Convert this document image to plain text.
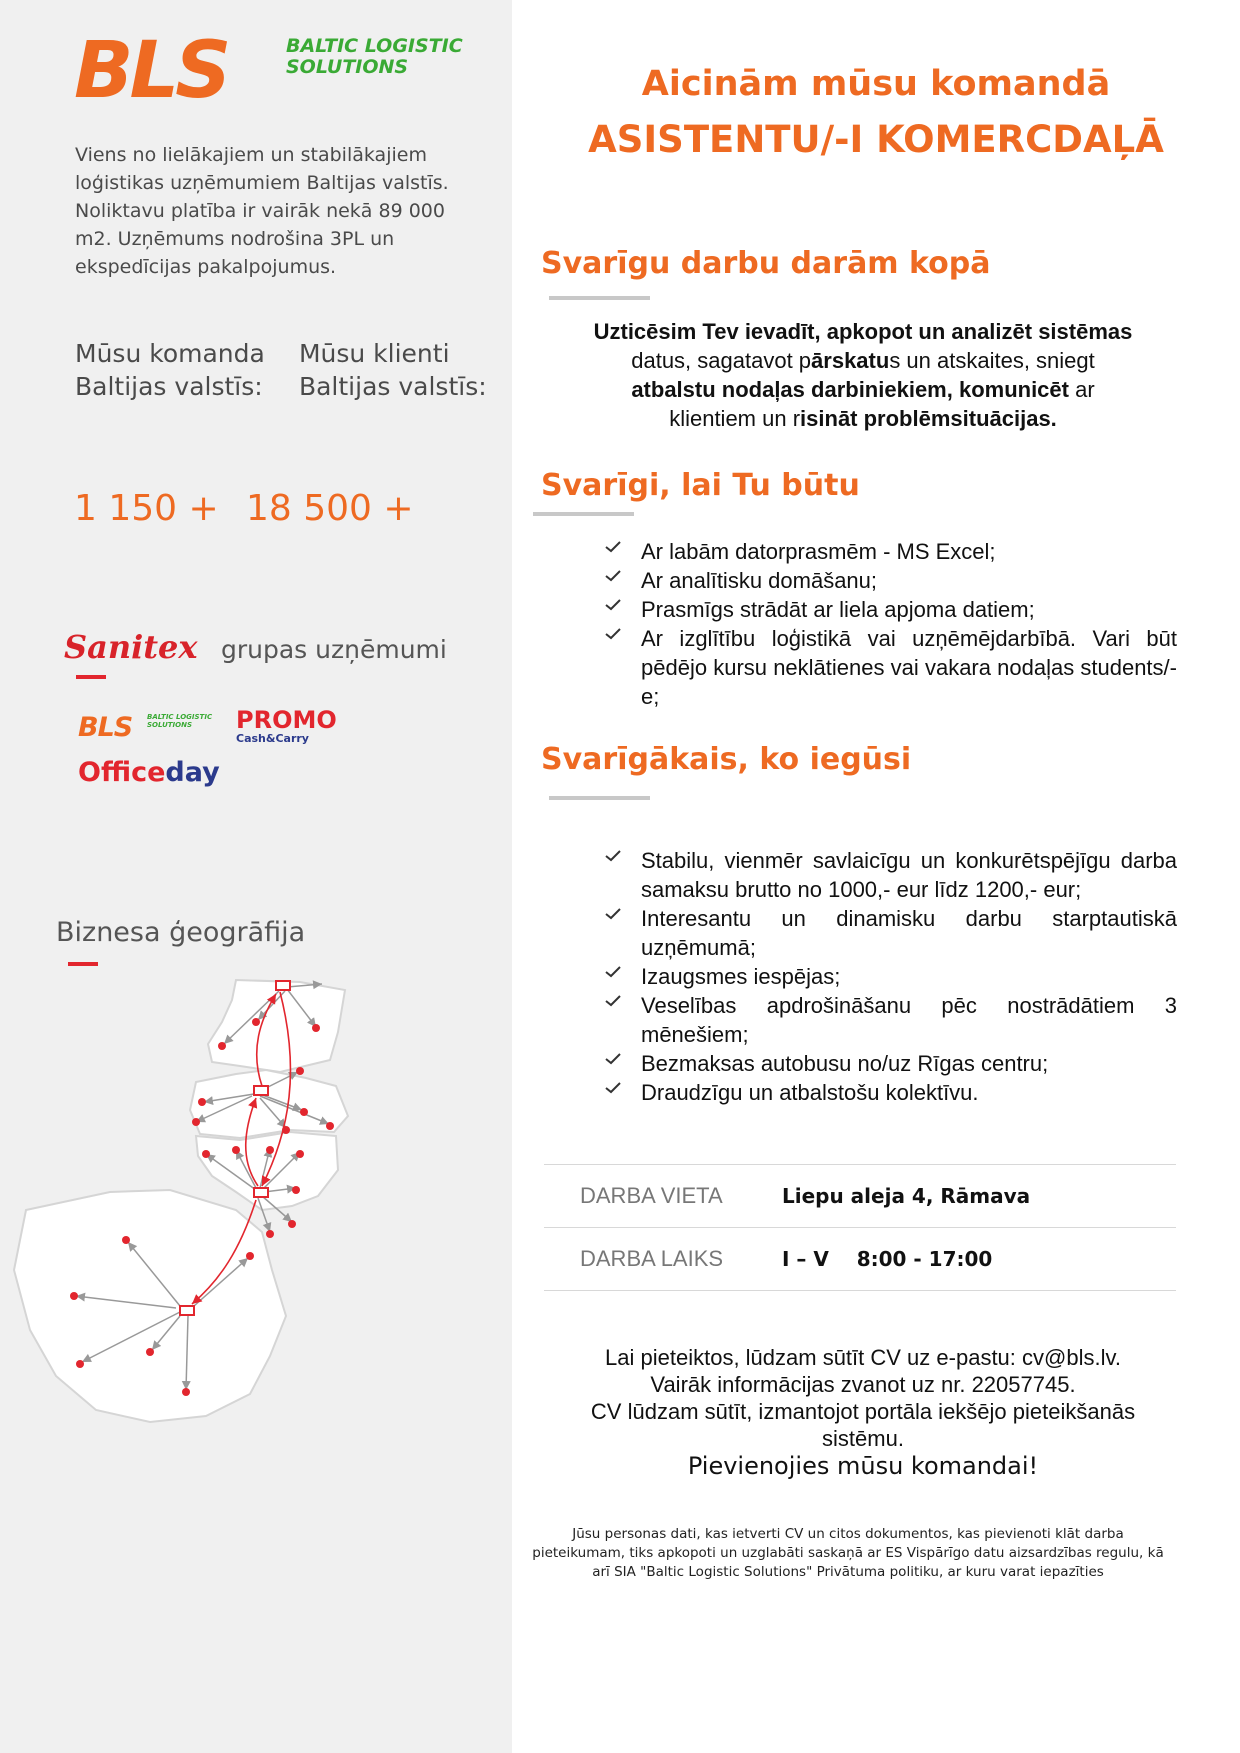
BLS	BALTIC LOGISTIC
SOLUTIONS
Viens no lielākajiem un stabilākajiem loģistikas uzņēmumiem Baltijas valstīs. Noliktavu platība ir vairāk nekā 89 000 m2. Uzņēmums nodrošina 3PL un ekspedīcijas pakalpojumus.
Mūsu komanda Mūsu klienti
Baltijas valstīs: Baltijas valstīs:
1 150 + 18 500 +
Sanitex grupas uzņēmumi
BLS BALTIC LOGISTIC
SOLUTIONS	PROMO
Cash&Carry
Officeday
Biznesa ģeogrāfija
Aicinām mūsu komandā
ASISTENTU/-I KOMERCDAĻĀ
Svarīgu darbu darām kopā
Uzticēsim Tev ievadīt, apkopot un analizēt sistēmas
datus, sagatavot pārskatus un atskaites, sniegt
atbalstu nodaļas darbiniekiem, komunicēt ar
klientiem un risināt problēmsituācijas.
Svarīgi, lai Tu būtu
Ar labām datorprasmēm - MS Excel;
Ar analītisku domāšanu;
Prasmīgs strādāt ar liela apjoma datiem;
Ar izglītību loģistikā vai uzņēmējdarbībā. Vari būt pēdējo kursu neklātienes vai vakara nodaļas students/-e;
Svarīgākais, ko iegūsi
Stabilu, vienmēr savlaicīgu un konkurētspējīgu darba samaksu brutto no 1000,- eur līdz 1200,- eur;
Interesantu un dinamisku darbu starptautiskā uzņēmumā;
Izaugsmes iespējas;
Veselības apdrošināšanu pēc nostrādātiem 3 mēnešiem;
Bezmaksas autobusu no/uz Rīgas centru;
Draudzīgu un atbalstošu kolektīvu.
DARBA VIETA	Liepu aleja 4, Rāmava
DARBA LAIKS	I – V    8:00 - 17:00
Lai pieteiktos, lūdzam sūtīt CV uz e-pastu: cv@bls.lv.
Vairāk informācijas zvanot uz nr. 22057745.
CV lūdzam sūtīt, izmantojot portāla iekšējo pieteikšanās sistēmu.
Pievienojies mūsu komandai!
Jūsu personas dati, kas ietverti CV un citos dokumentos, kas pievienoti klāt darba pieteikumam, tiks apkopoti un uzglabāti saskaņā ar ES Vispārīgo datu aizsardzības regulu, kā arī SIA "Baltic Logistic Solutions" Privātuma politiku, ar kuru varat iepazīties
